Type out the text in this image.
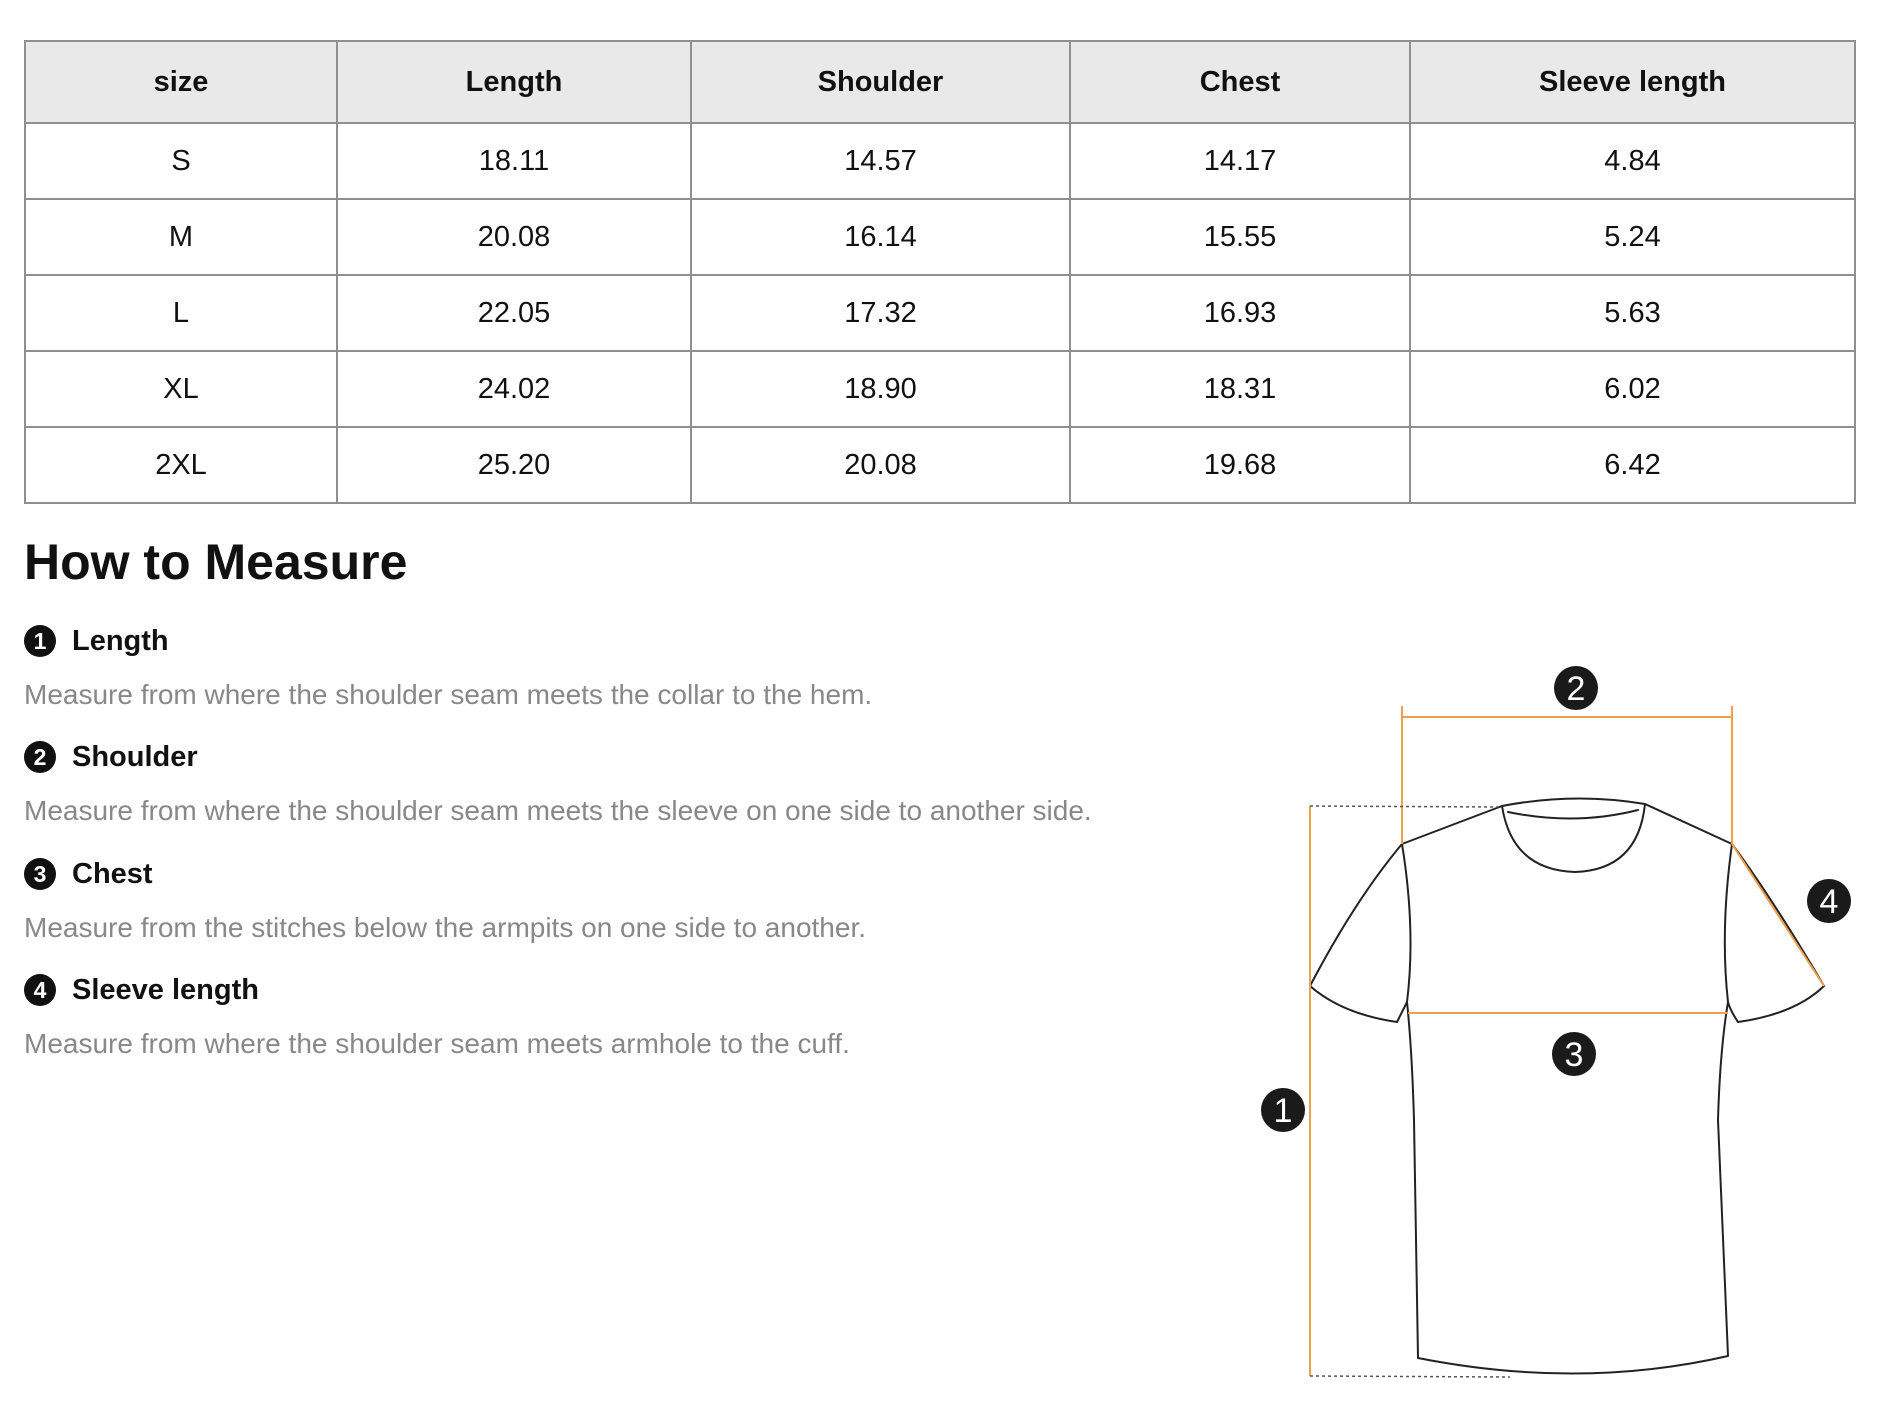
size	Length	Shoulder	Chest	Sleeve length
S	18.11	14.57	14.17	4.84
M	20.08	16.14	15.55	5.24
L	22.05	17.32	16.93	5.63
XL	24.02	18.90	18.31	6.02
2XL	25.20	20.08	19.68	6.42
How to Measure
1 Length
Measure from where the shoulder seam meets the collar to the hem.
2 Shoulder
Measure from where the shoulder seam meets the sleeve on one side to another side.
3 Chest
Measure from the stitches below the armpits on one side to another.
4 Sleeve length
Measure from where the shoulder seam meets armhole to the cuff.
1
2
3
4
